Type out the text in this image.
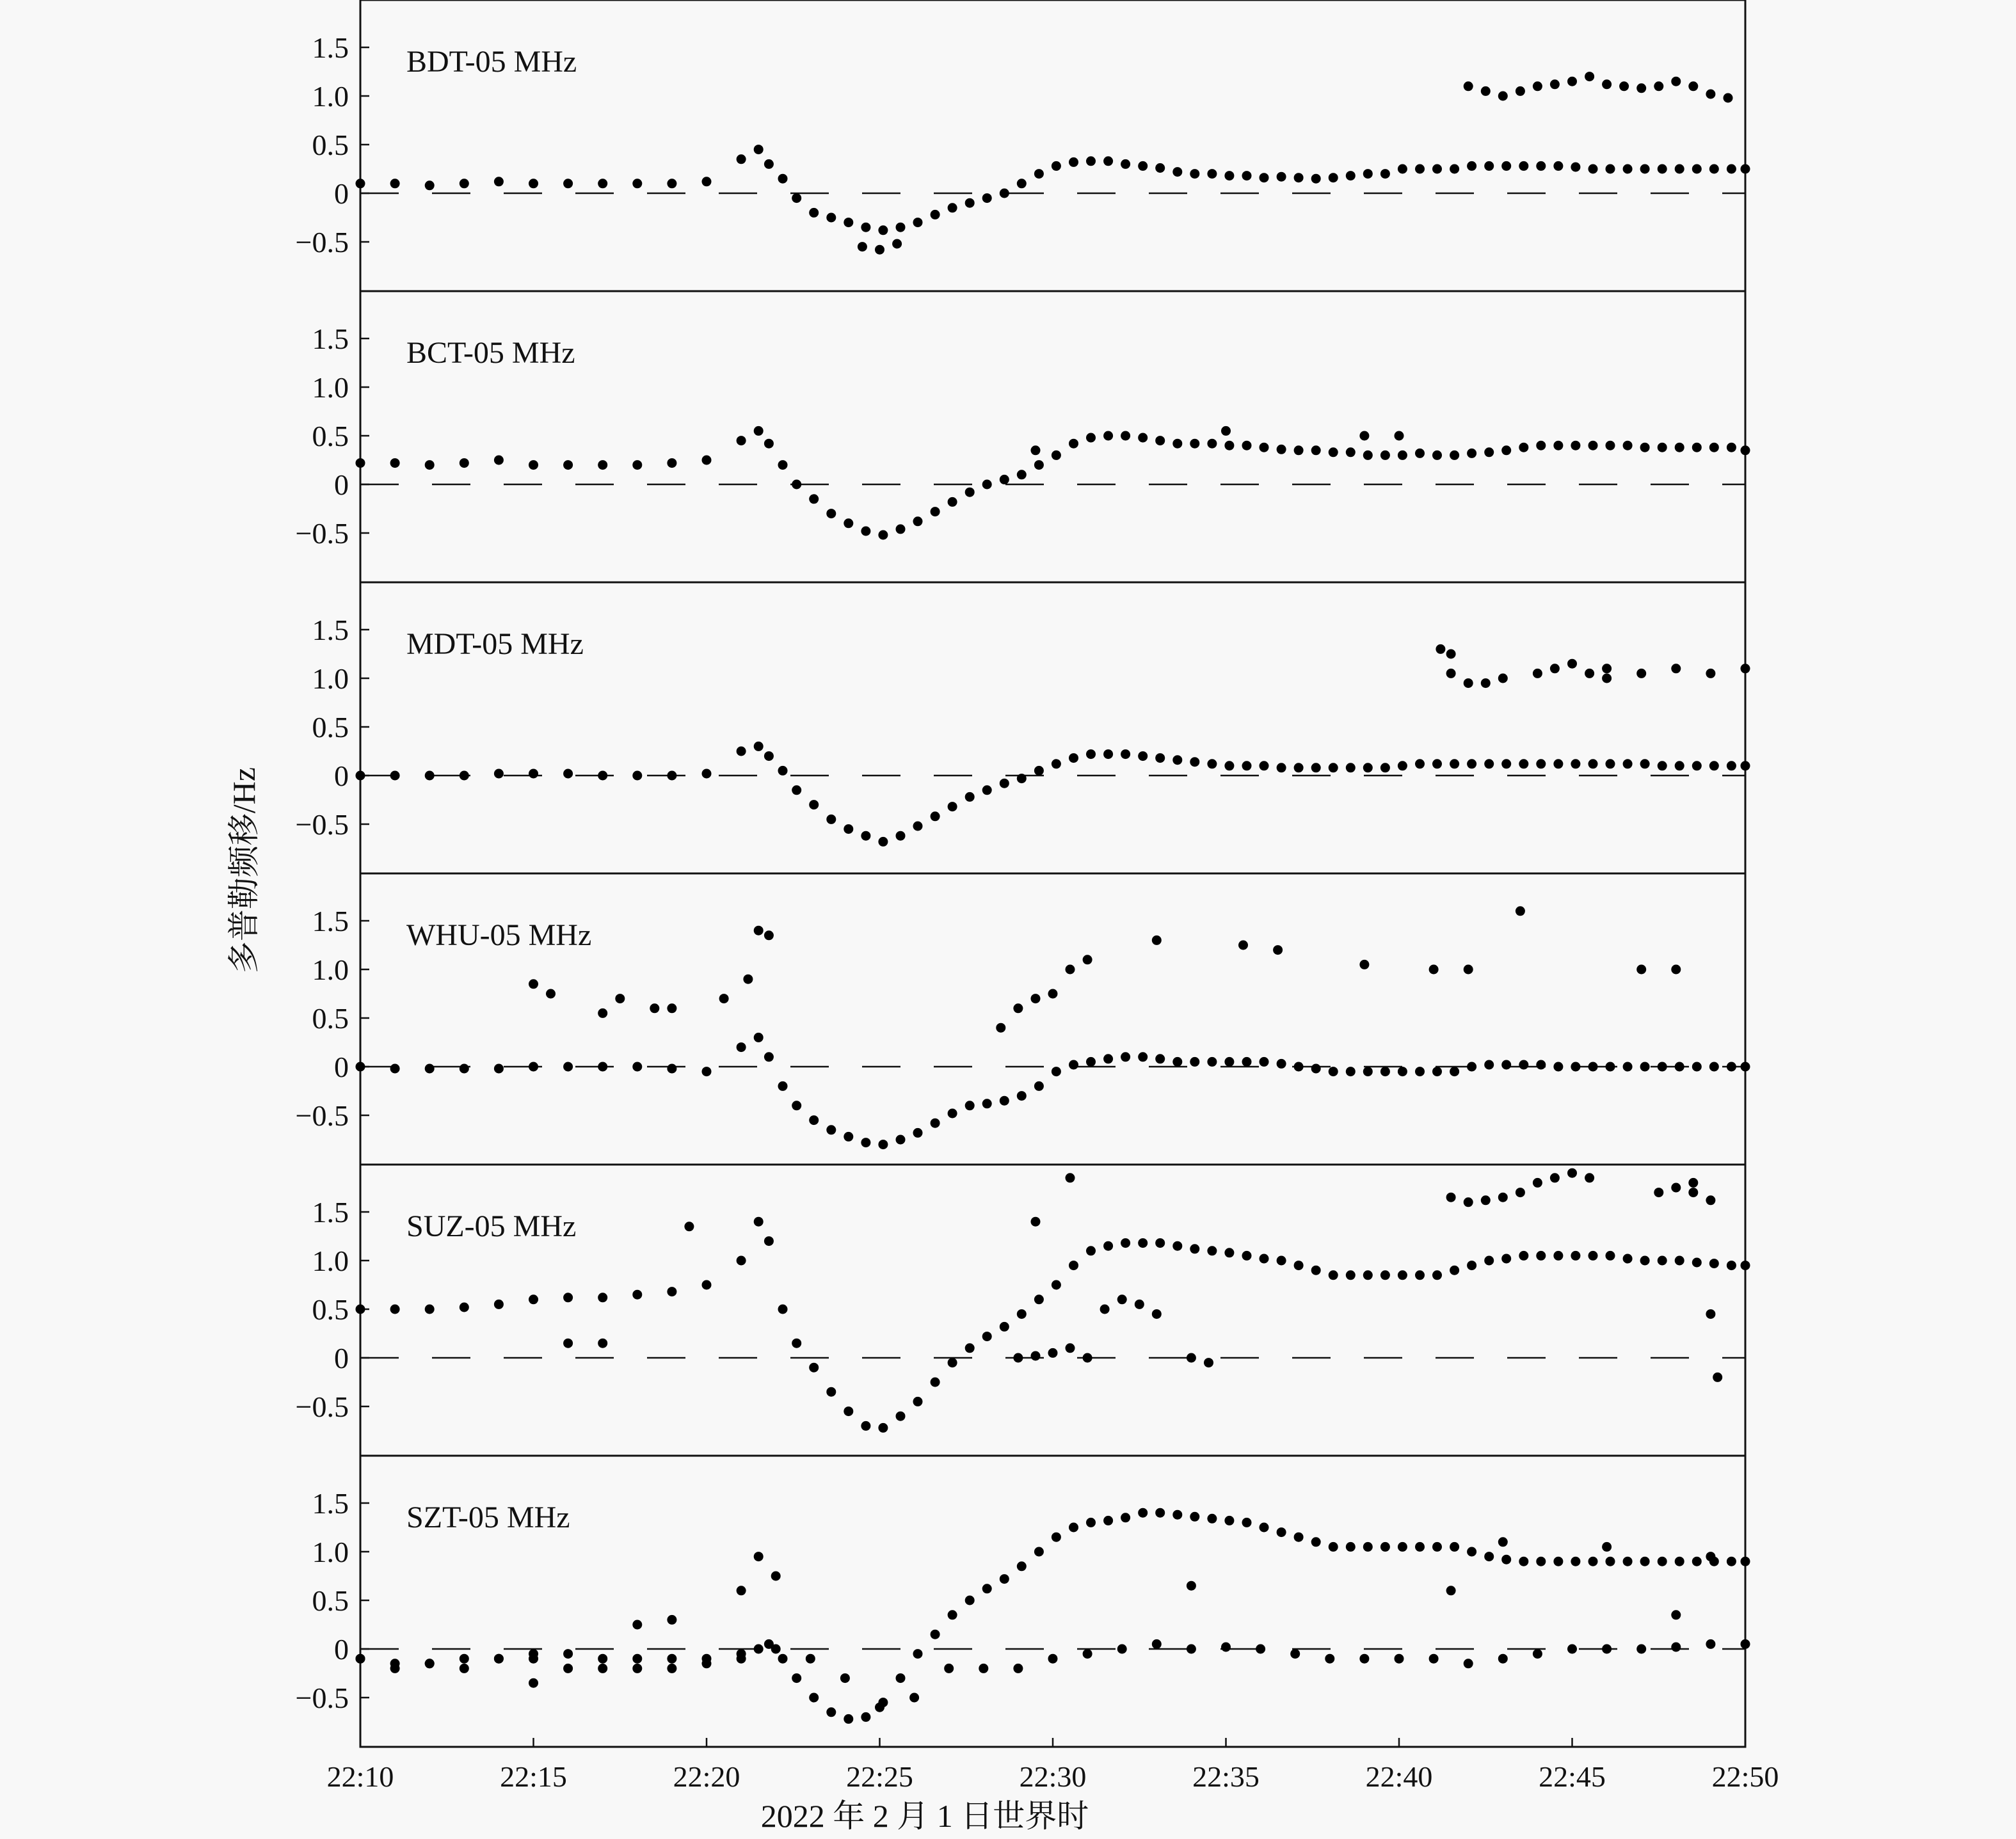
1.5
1.0
0.5
0
−0.5
BDT-05 MHz
1.5
1.0
0.5
0
−0.5
BCT-05 MHz
1.5
1.0
0.5
0
−0.5
MDT-05 MHz
1.5
1.0
0.5
0
−0.5
WHU-05 MHz
1.5
1.0
0.5
0
−0.5
SUZ-05 MHz
1.5
1.0
0.5
0
−0.5
SZT-05 MHz
22:10	22:15	22:20	22:25	22:30	22:35	22:40	22:45	22:50
2022 年 2 月 1 日世界时
多普勒频移/Hz
